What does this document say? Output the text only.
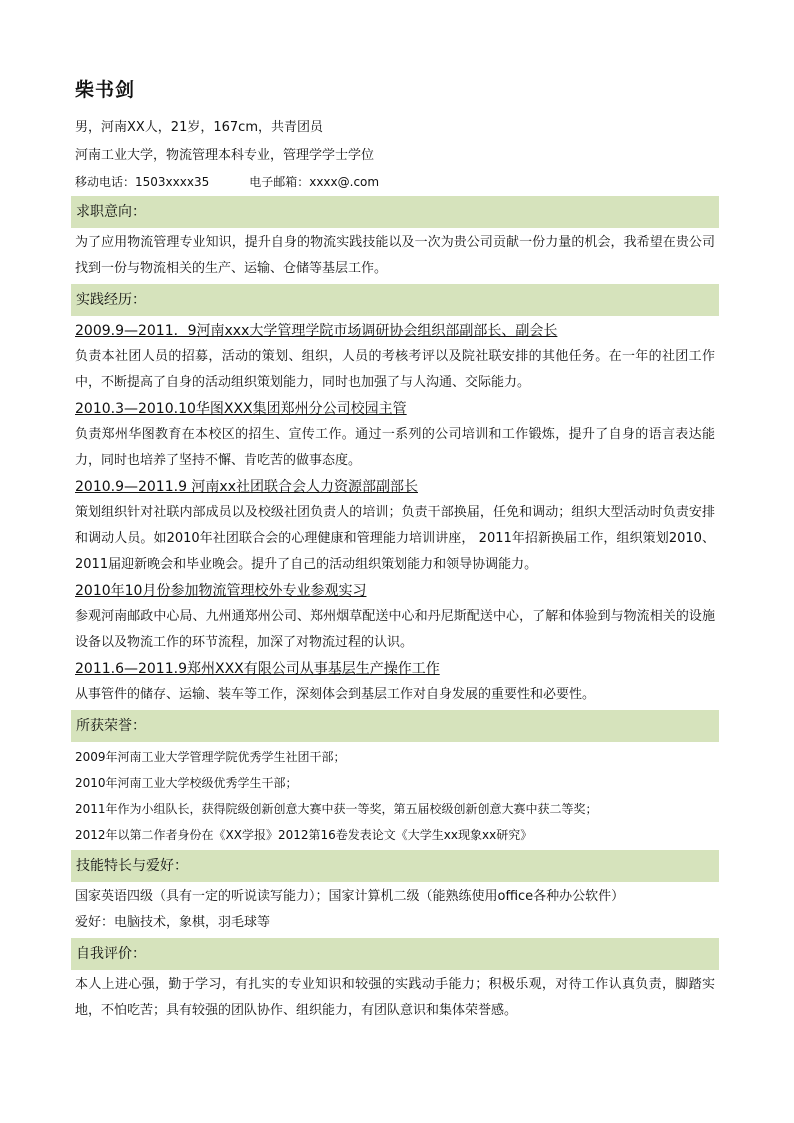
柴书剑
男，河南XX人，21岁，167cm，共青团员
河南工业大学，物流管理本科专业，管理学学士学位
移动电话：1503xxxx35	电子邮箱：xxxx@.com
求职意向：

为了应用物流管理专业知识，提升自身的物流实践技能以及一次为贵公司贡献一份力量的机会，我希望在贵公司找到一份与物流相关的生产、运输、仓储等基层工作。

实践经历：
2009.9—2011．9河南xxx大学管理学院市场调研协会组织部副部长、副会长

负责本社团人员的招募，活动的策划、组织，人员的考核考评以及院社联安排的其他任务。在一年的社团工作中，不断提高了自身的活动组织策划能力，同时也加强了与人沟通、交际能力。

2010.3—2010.10华图XXX集团郑州分公司校园主管

负责郑州华图教育在本校区的招生、宣传工作。通过一系列的公司培训和工作锻炼，提升了自身的语言表达能力，同时也培养了坚持不懈、肯吃苦的做事态度。

2010.9—2011.9 河南xx社团联合会人力资源部副部长

策划组织针对社联内部成员以及校级社团负责人的培训；负责干部换届，任免和调动；组织大型活动时负责安排和调动人员。如2010年社团联合会的心理健康和管理能力培训讲座， 2011年招新换届工作，组织策划2010、2011届迎新晚会和毕业晚会。提升了自己的活动组织策划能力和领导协调能力。

2010年10月份参加物流管理校外专业参观实习

参观河南邮政中心局、九州通郑州公司、郑州烟草配送中心和丹尼斯配送中心，了解和体验到与物流相关的设施设备以及物流工作的环节流程，加深了对物流过程的认识。

2011.6—2011.9郑州XXX有限公司从事基层生产操作工作

从事管件的储存、运输、装车等工作，深刻体会到基层工作对自身发展的重要性和必要性。

所获荣誉：
2009年河南工业大学管理学院优秀学生社团干部；
2010年河南工业大学校级优秀学生干部；
2011年作为小组队长，获得院级创新创意大赛中获一等奖，第五届校级创新创意大赛中获二等奖；
2012年以第二作者身份在《XX学报》2012第16卷发表论文《大学生xx现象xx研究》
技能特长与爱好：
国家英语四级（具有一定的听说读写能力）；国家计算机二级（能熟练使用office各种办公软件）
爱好：电脑技术，象棋，羽毛球等
自我评价：

本人上进心强，勤于学习，有扎实的专业知识和较强的实践动手能力；积极乐观，对待工作认真负责，脚踏实地，不怕吃苦；具有较强的团队协作、组织能力，有团队意识和集体荣誉感。
